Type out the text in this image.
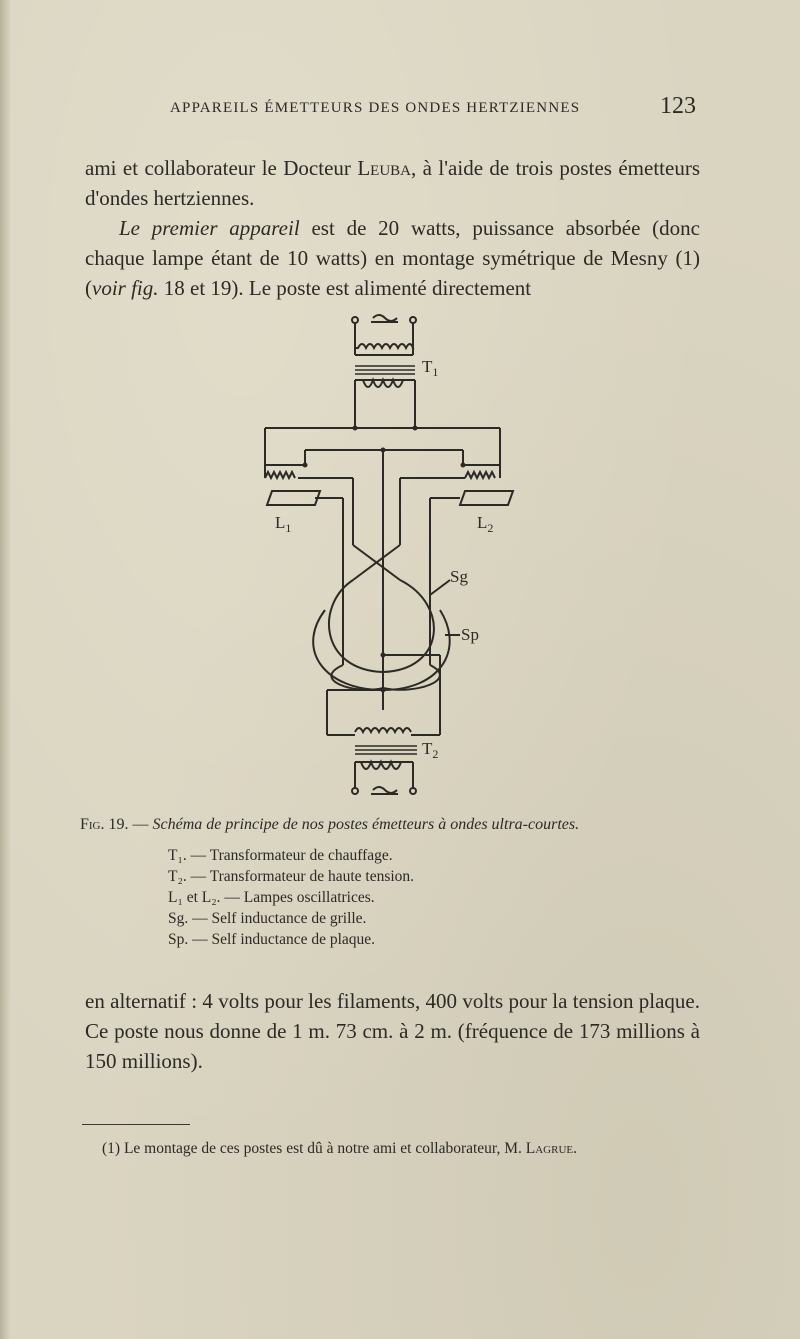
APPAREILS ÉMETTEURS DES ONDES HERTZIENNES	123

ami et collaborateur le Docteur Leuba, à l'aide de trois postes émetteurs d'ondes hertziennes.

Le premier appareil est de 20 watts, puissance absorbée (donc chaque lampe étant de 10 watts) en montage symétrique de Mesny (1) (voir fig. 18 et 19). Le poste est alimenté directement

$T_1$
$L_1$	$L_2$
Sg
Sp
$T_2$
Fig. 19. — Schéma de principe de nos postes émetteurs à ondes ultra-courtes.
T₁. — Transformateur de chauffage.
T₂. — Transformateur de haute tension.
L₁ et L₂. — Lampes oscillatrices.
Sg. — Self inductance de grille.
Sp. — Self inductance de plaque.

en alternatif : 4 volts pour les filaments, 400 volts pour la tension plaque. Ce poste nous donne de 1 m. 73 cm. à 2 m. (fréquence de 173 millions à 150 millions).

(1) Le montage de ces postes est dû à notre ami et collaborateur, M. Lagrue.
